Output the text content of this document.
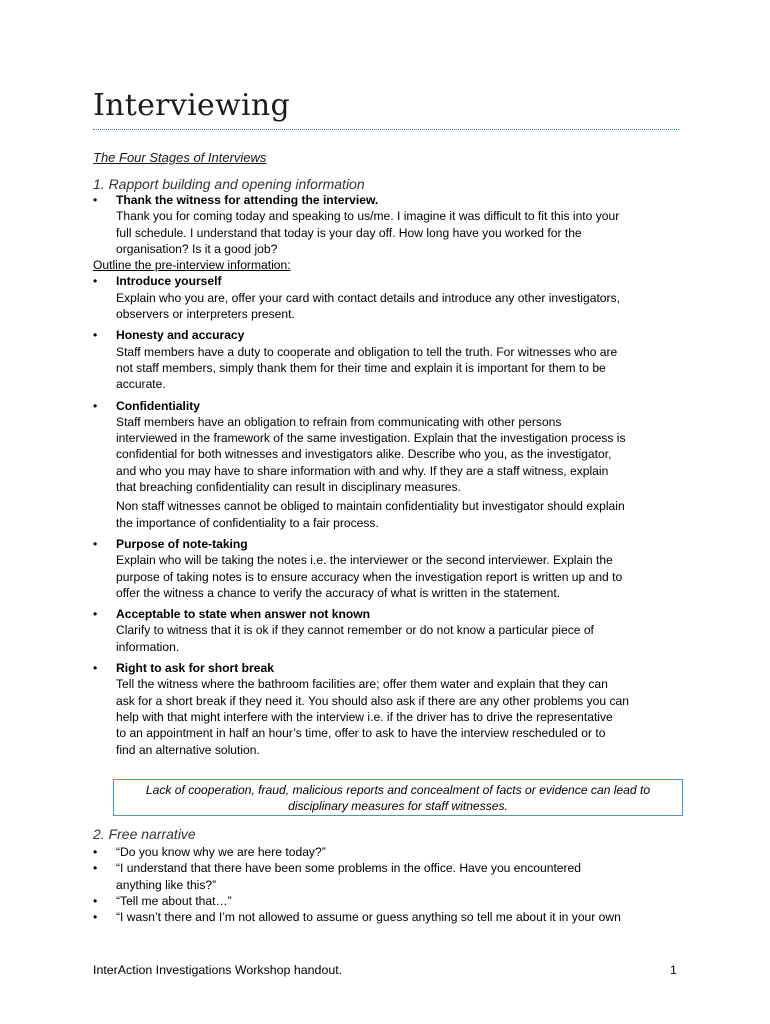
Interviewing
The Four Stages of Interviews
1. Rapport building and opening information
• Thank the witness for attending the interview.
Thank you for coming today and speaking to us/me. I imagine it was difficult to fit this into your
full schedule. I understand that today is your day off. How long have you worked for the
organisation? Is it a good job?
Outline the pre-interview information:
• Introduce yourself
Explain who you are, offer your card with contact details and introduce any other investigators,
observers or interpreters present.
• Honesty and accuracy
Staff members have a duty to cooperate and obligation to tell the truth. For witnesses who are
not staff members, simply thank them for their time and explain it is important for them to be
accurate.
• Confidentiality
Staff members have an obligation to refrain from communicating with other persons
interviewed in the framework of the same investigation. Explain that the investigation process is
confidential for both witnesses and investigators alike. Describe who you, as the investigator,
and who you may have to share information with and why. If they are a staff witness, explain
that breaching confidentiality can result in disciplinary measures.
Non staff witnesses cannot be obliged to maintain confidentiality but investigator should explain
the importance of confidentiality to a fair process.
• Purpose of note-taking
Explain who will be taking the notes i.e. the interviewer or the second interviewer. Explain the
purpose of taking notes is to ensure accuracy when the investigation report is written up and to
offer the witness a chance to verify the accuracy of what is written in the statement.
• Acceptable to state when answer not known
Clarify to witness that it is ok if they cannot remember or do not know a particular piece of
information.
• Right to ask for short break
Tell the witness where the bathroom facilities are; offer them water and explain that they can
ask for a short break if they need it. You should also ask if there are any other problems you can
help with that might interfere with the interview i.e. if the driver has to drive the representative
to an appointment in half an hour’s time, offer to ask to have the interview rescheduled or to
find an alternative solution.
Lack of cooperation, fraud, malicious reports and concealment of facts or evidence can lead to
disciplinary measures for staff witnesses.
2. Free narrative
• “Do you know why we are here today?”
• “I understand that there have been some problems in the office. Have you encountered
anything like this?”
• “Tell me about that…”
• “I wasn’t there and I’m not allowed to assume or guess anything so tell me about it in your own
InterAction Investigations Workshop handout.	1
